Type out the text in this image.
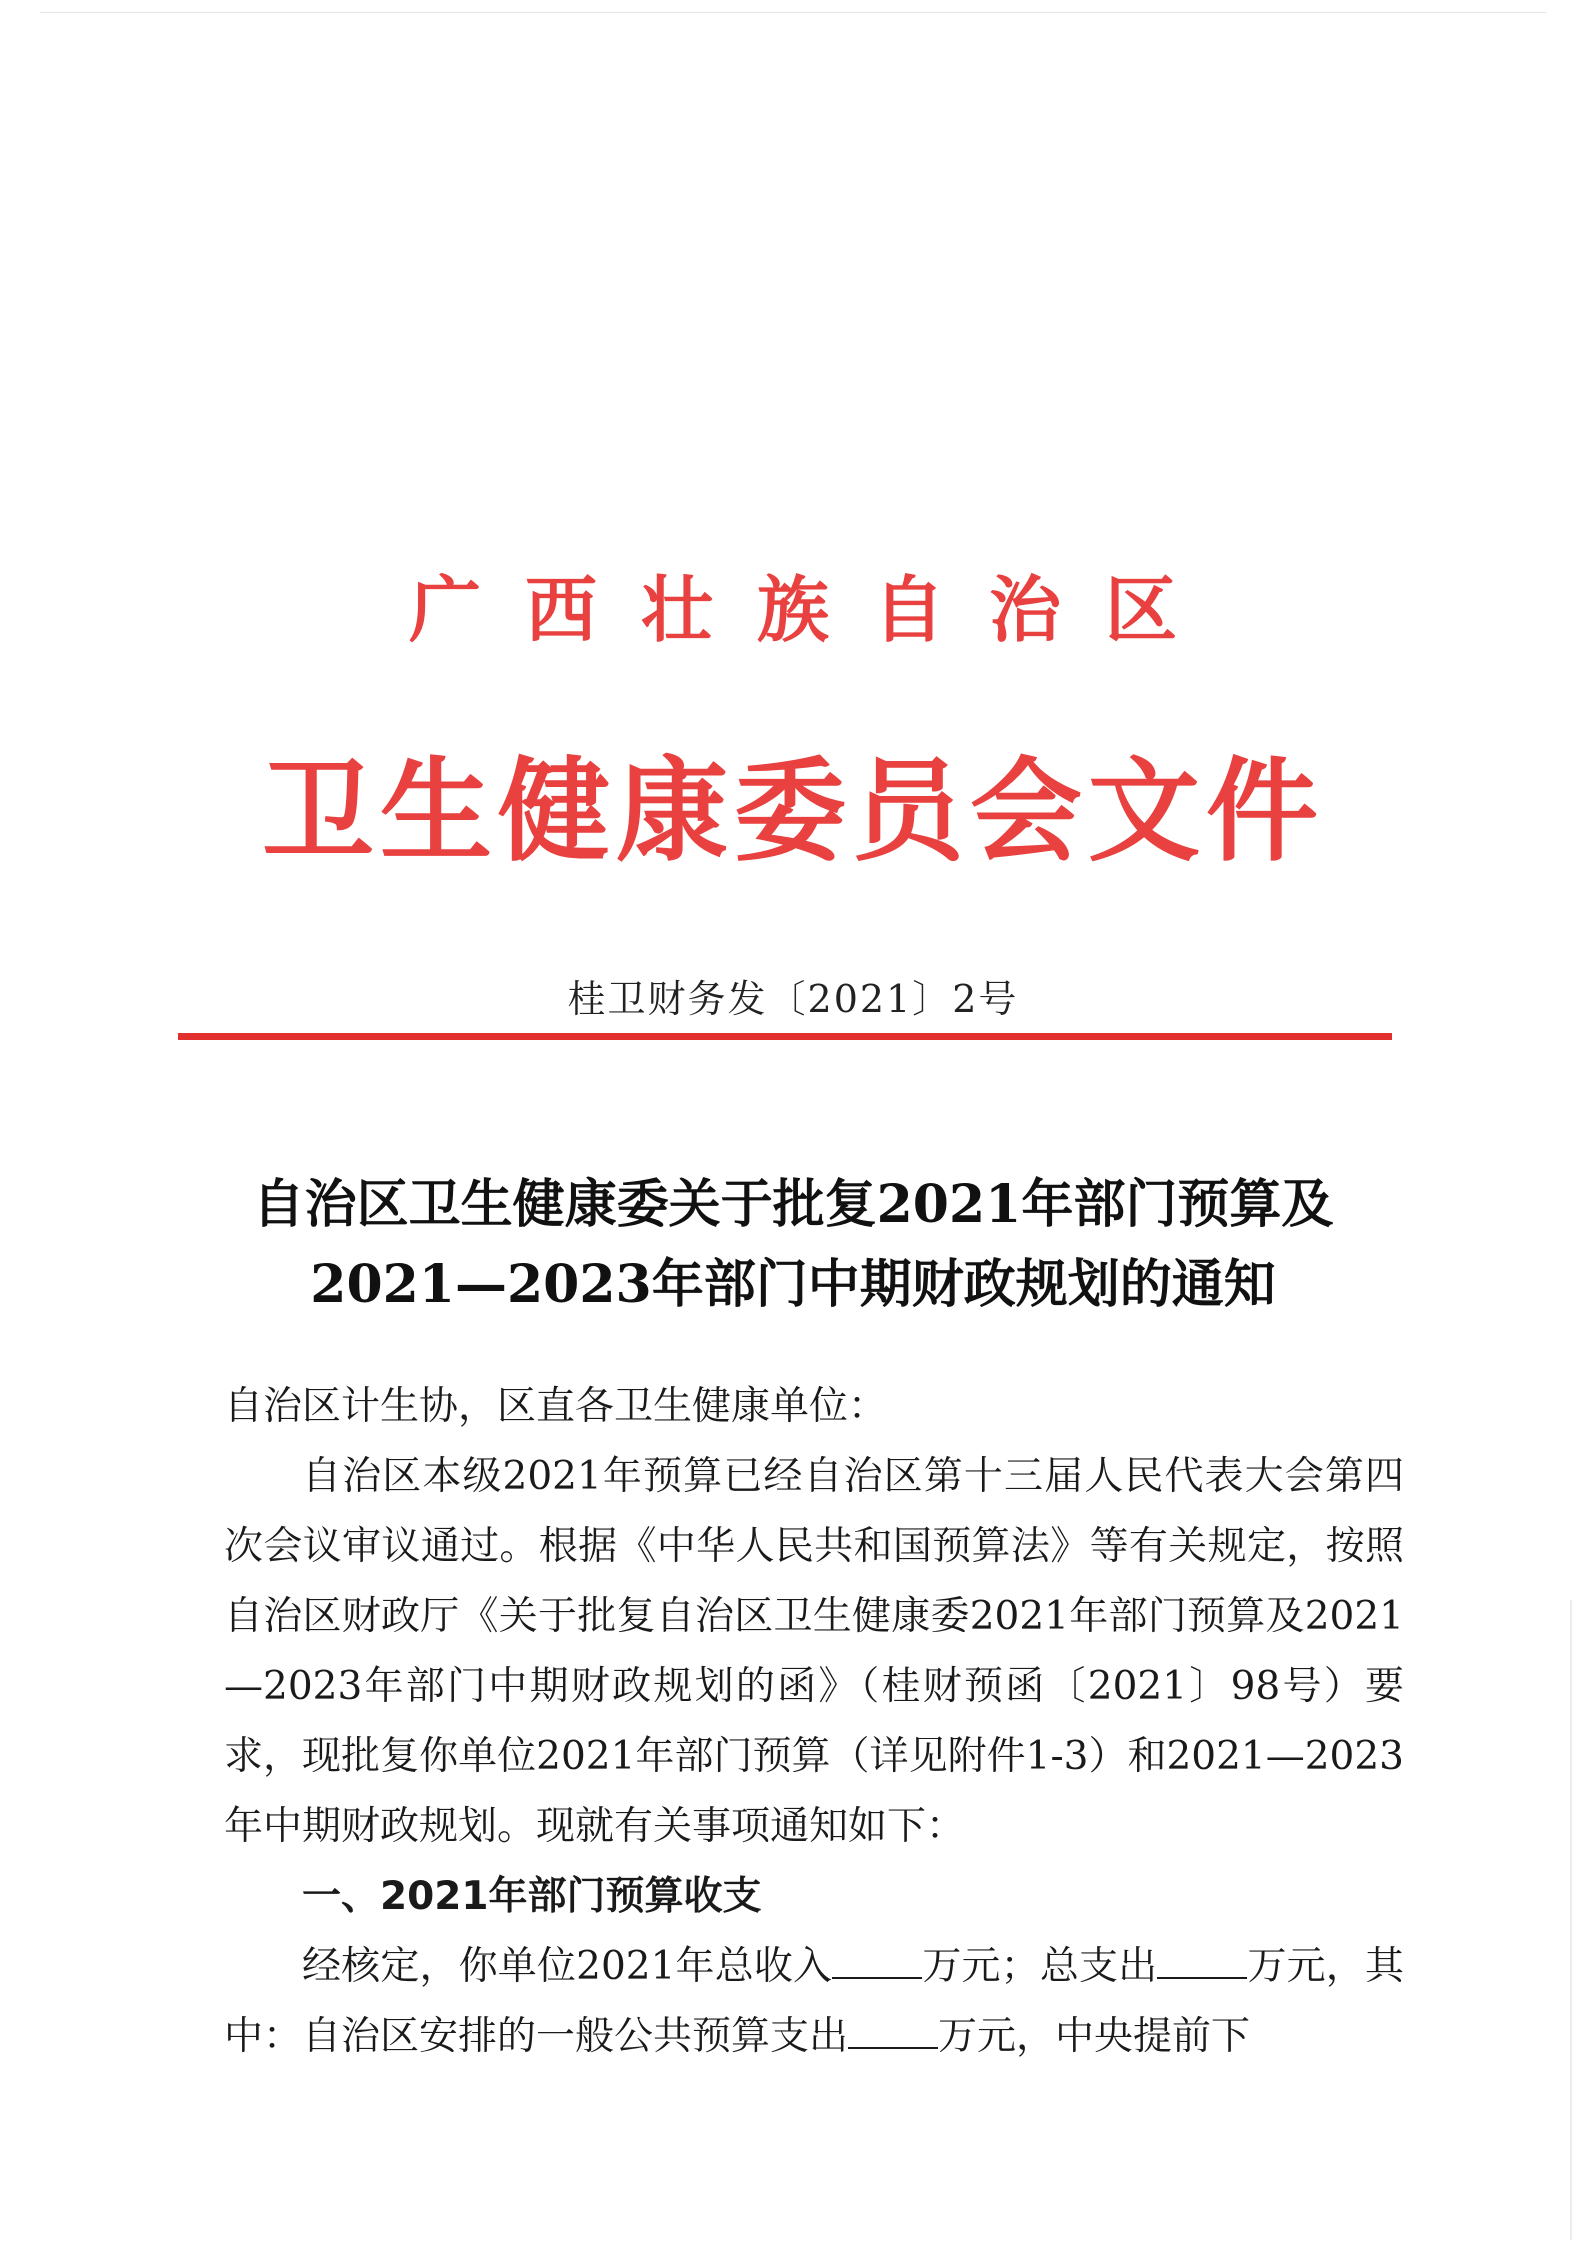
广西壮族自治区
卫生健康委员会文件
桂卫财务发〔2021〕2号
自治区卫生健康委关于批复2021年部门预算及
2021—2023年部门中期财政规划的通知

自治区计生协，区直各卫生健康单位：

自治区本级2021年预算已经自治区第十三届人民代表大会第四次会议审议通过。根据《中华人民共和国预算法》等有关规定，按照自治区财政厅《关于批复自治区卫生健康委2021年部门预算及2021—2023年部门中期财政规划的函》（桂财预函〔2021〕98号）要求，现批复你单位2021年部门预算（详见附件1-3）和2021—2023年中期财政规划。现就有关事项通知如下：

一、2021年部门预算收支

经核定，你单位2021年总收入 万元；总支出 万元，其中：自治区安排的一般公共预算支出 万元，中央提前下
